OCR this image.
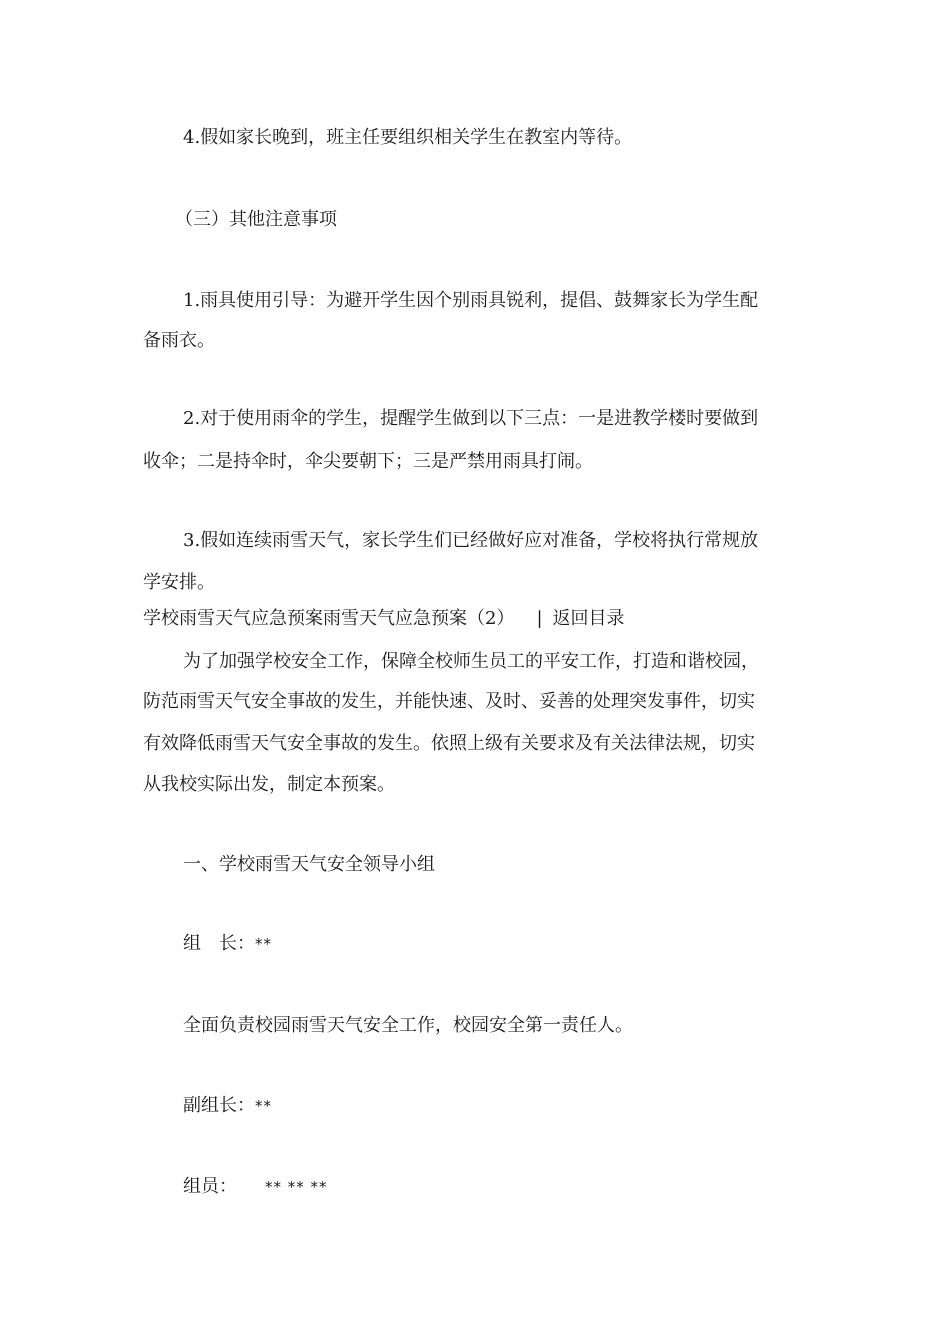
4.假如家长晚到，班主任要组织相关学生在教室内等待。

（三）其他注意事项

1.雨具使用引导：为避开学生因个别雨具锐利，提倡、鼓舞家长为学生配

备雨衣。

2.对于使用雨伞的学生，提醒学生做到以下三点：一是进教学楼时要做到

收伞；二是持伞时，伞尖要朝下；三是严禁用雨具打闹。

3.假如连续雨雪天气，家长学生们已经做好应对准备，学校将执行常规放

学安排。

学校雨雪天气应急预案雨雪天气应急预案（2） | 返回目录

为了加强学校安全工作，保障全校师生员工的平安工作，打造和谐校园，

防范雨雪天气安全事故的发生，并能快速、及时、妥善的处理突发事件，切实

有效降低雨雪天气安全事故的发生。依照上级有关要求及有关法律法规，切实

从我校实际出发，制定本预案。

一、学校雨雪天气安全领导小组

组　长：**

全面负责校园雨雪天气安全工作，校园安全第一责任人。

副组长：**

组员： ** ** **
